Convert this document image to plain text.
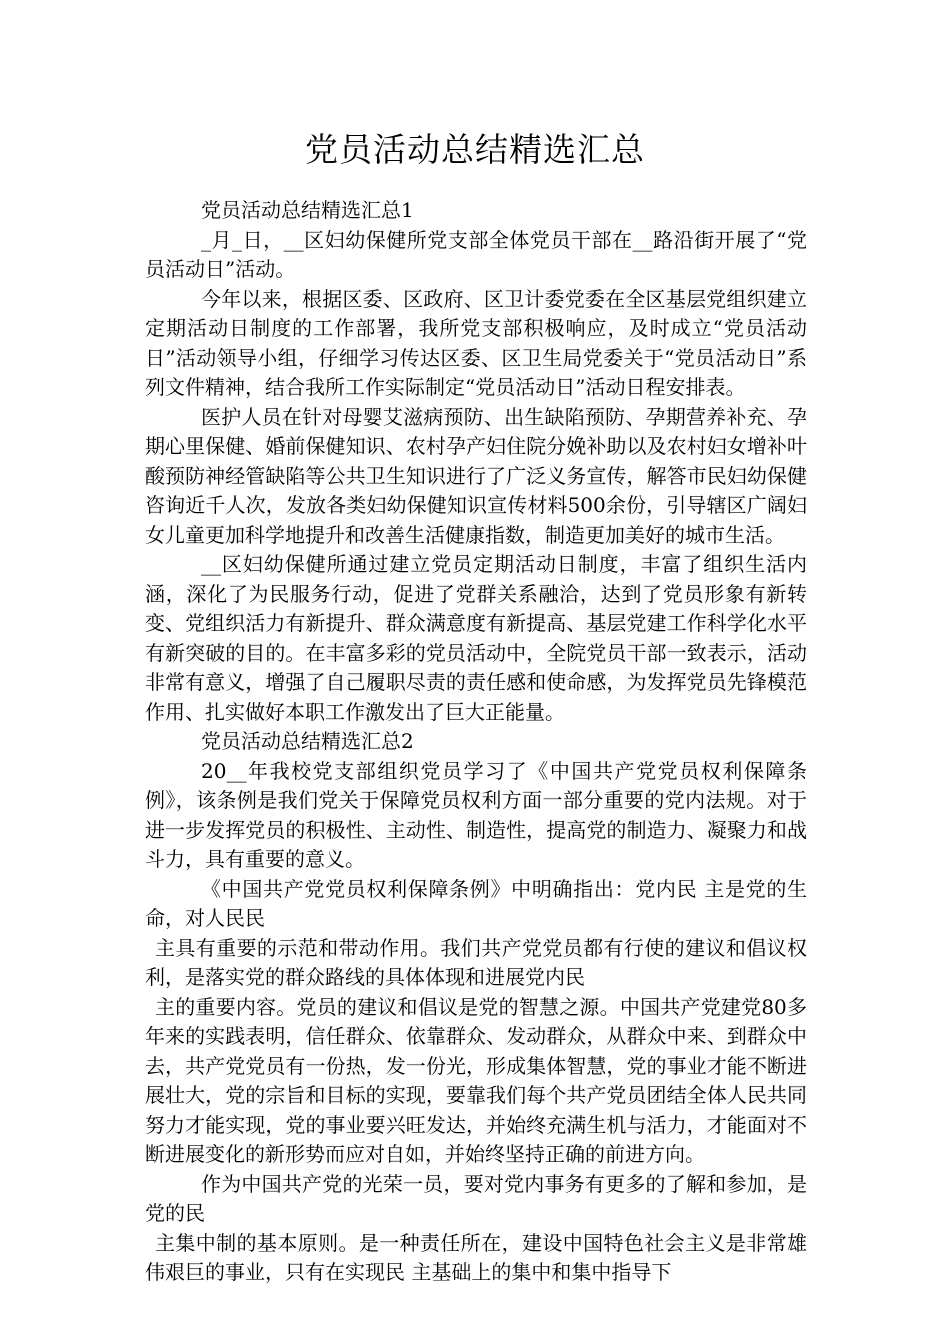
党员活动总结精选汇总

党员活动总结精选汇总1

_月_日，__区妇幼保健所党支部全体党员干部在__路沿街开展了“党员活动日”活动。

今年以来，根据区委、区政府、区卫计委党委在全区基层党组织建立定期活动日制度的工作部署，我所党支部积极响应，及时成立“党员活动日”活动领导小组，仔细学习传达区委、区卫生局党委关于“党员活动日”系列文件精神，结合我所工作实际制定“党员活动日”活动日程安排表。

医护人员在针对母婴艾滋病预防、出生缺陷预防、孕期营养补充、孕期心里保健、婚前保健知识、农村孕产妇住院分娩补助以及农村妇女增补叶酸预防神经管缺陷等公共卫生知识进行了广泛义务宣传，解答市民妇幼保健咨询近千人次，发放各类妇幼保健知识宣传材料500余份，引导辖区广阔妇女儿童更加科学地提升和改善生活健康指数，制造更加美好的城市生活。

__区妇幼保健所通过建立党员定期活动日制度，丰富了组织生活内涵，深化了为民服务行动，促进了党群关系融洽，达到了党员形象有新转变、党组织活力有新提升、群众满意度有新提高、基层党建工作科学化水平有新突破的目的。在丰富多彩的党员活动中，全院党员干部一致表示，活动非常有意义，增强了自己履职尽责的责任感和使命感，为发挥党员先锋模范作用、扎实做好本职工作激发出了巨大正能量。

党员活动总结精选汇总2

20__年我校党支部组织党员学习了《中国共产党党员权利保障条例》，该条例是我们党关于保障党员权利方面一部分重要的党内法规。对于进一步发挥党员的积极性、主动性、制造性，提高党的制造力、凝聚力和战斗力，具有重要的意义。

《中国共产党党员权利保障条例》中明确指出：党内民 主是党的生命，对人民民

主具有重要的示范和带动作用。我们共产党党员都有行使的建议和倡议权利，是落实党的群众路线的具体体现和进展党内民

主的重要内容。党员的建议和倡议是党的智慧之源。中国共产党建党80多年来的实践表明，信任群众、依靠群众、发动群众，从群众中来、到群众中去，共产党党员有一份热，发一份光，形成集体智慧，党的事业才能不断进展壮大，党的宗旨和目标的实现，要靠我们每个共产党员团结全体人民共同努力才能实现，党的事业要兴旺发达，并始终充满生机与活力，才能面对不断进展变化的新形势而应对自如，并始终坚持正确的前进方向。

作为中国共产党的光荣一员，要对党内事务有更多的了解和参加，是党的民

主集中制的基本原则。是一种责任所在，建设中国特色社会主义是非常雄伟艰巨的事业，只有在实现民 主基础上的集中和集中指导下
